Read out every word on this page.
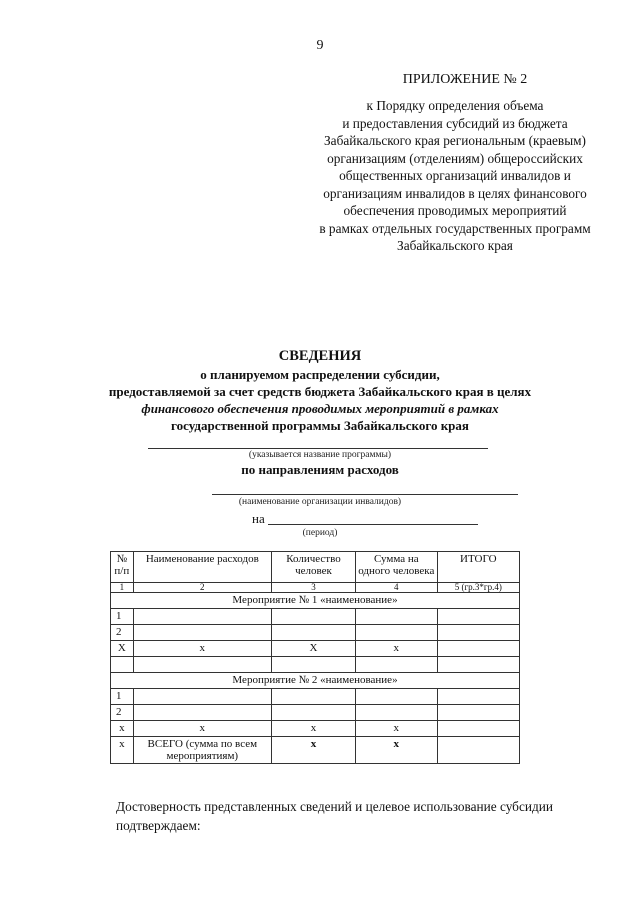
9
ПРИЛОЖЕНИЕ № 2
к Порядку определения объема
и предоставления субсидий из бюджета
Забайкальского края региональным (краевым)
организациям (отделениям) общероссийских
общественных организаций инвалидов и
организациям инвалидов в целях финансового
обеспечения проводимых мероприятий
в рамках отдельных государственных программ
Забайкальского края
СВЕДЕНИЯ
о планируемом распределении субсидии,
предоставляемой за счет средств бюджета Забайкальского края в целях
финансового обеспечения проводимых мероприятий в рамках
государственной программы Забайкальского края
(указывается название программы)
по направлениям расходов
(наименование организации инвалидов)
на
(период)
№ п/п	Наименование расходов	Количество человек	Сумма на одного человека	ИТОГО
1	2	3	4	5 (гр.3*гр.4)
Мероприятие № 1 «наименование»				
1				
2				
Х	х	Х	х	

Мероприятие № 2 «наименование»				
1				
2				
х	х	х	х	
х	ВСЕГО (сумма по всем мероприятиям)	х	х	
Достоверность представленных сведений и целевое использование субсидии подтверждаем:
